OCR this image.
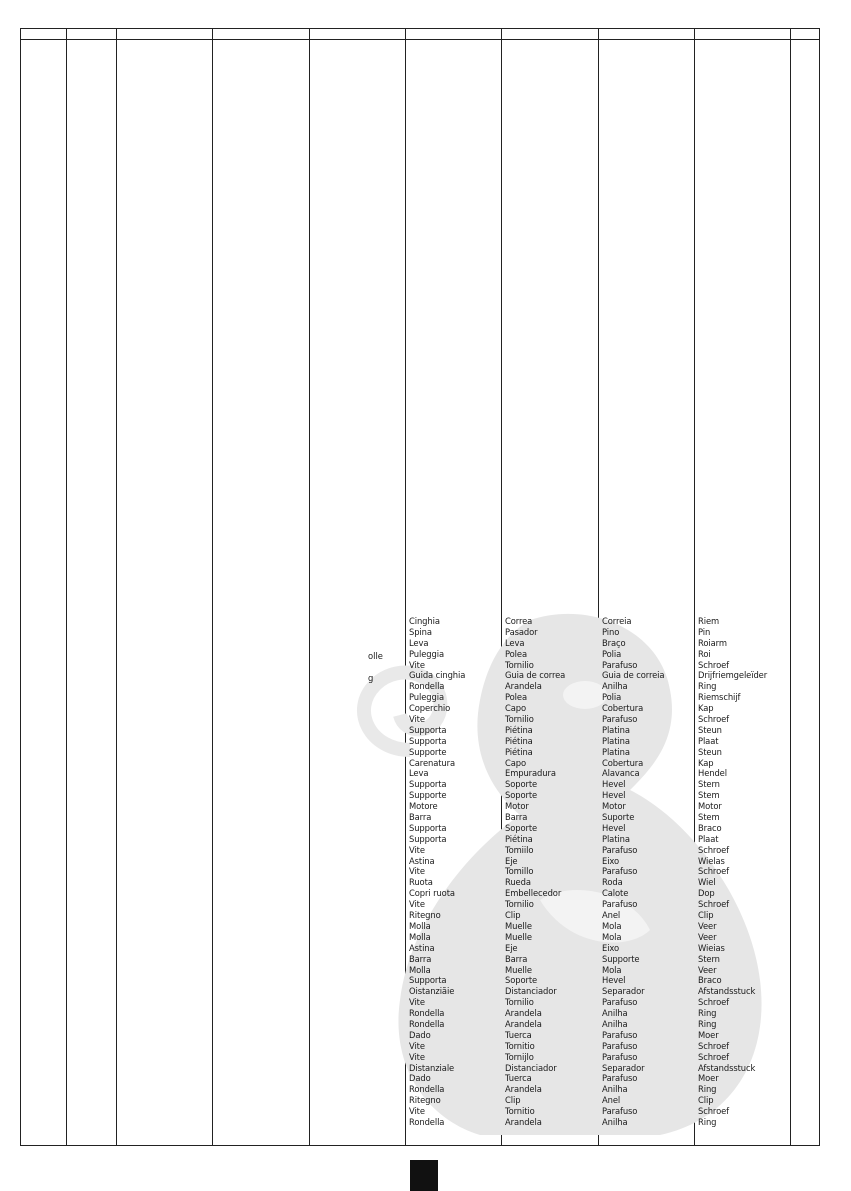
olle
g
Cinghia
Spina
Leva
Puleggia
Vite
Guida cinghia
Rondella
Puleggia
Coperchio
Vite
Supporta
Supporta
Supporte
Carenatura
Leva
Supporta
Supporte
Motore
Barra
Supporta
Supporta
Vite
Astina
Vite
Ruota
Copri ruota
Vite
Ritegno
Molla
Molla
Astina
Barra
Molla
Supporta
Oistanziãie
Vite
Rondella
Rondella
Dado
Vite
Vite
Distanziale
Dado
Rondella
Ritegno
Vite
Rondella
Correa
Pasador
Leva
Polea
Tornilio
Guia de correa
Arandela
Polea
Capo
Tornilio
Piétina
Piétina
Piétina
Capo
Empuradura
Soporte
Soporte
Motor
Barra
Soporte
Piétina
Tomiilo
Eje
Tomillo
Rueda
Embellecedor
Tornilio
Clip
Muelle
Muelle
Eje
Barra
Muelle
Soporte
Distanciador
Tornilio
Arandela
Arandela
Tuerca
Tornitio
Tornijlo
Distanciador
Tuerca
Arandela
Clip
Tornitio
Arandela
Correia
Pino
Braço
Polia
Parafuso
Guia de correia
Anilha
Polia
Cobertura
Parafuso
Platina
Platina
Platina
Cobertura
Alavanca
Hevel
Hevel
Motor
Suporte
Hevel
Platina
Parafuso
Eixo
Parafuso
Roda
Calote
Parafuso
Anel
Mola
Mola
Eixo
Supporte
Mola
Hevel
Separador
Parafuso
Anilha
Anilha
Parafuso
Parafuso
Parafuso
Separador
Parafuso
Anilha
Anel
Parafuso
Anilha
Riem
Pin
Roiarm
Roi
Schroef
Drijfriemgeleïder
Ring
Riemschijf
Kap
Schroef
Steun
Plaat
Steun
Kap
Hendel
Stern
Stem
Motor
Stem
Braco
Plaat
Schroef
Wielas
Schroef
Wiel
Dop
Schroef
Clip
Veer
Veer
Wieias
Stern
Veer
Braco
Afstandsstuck
Schroef
Ring
Ring
Moer
Schroef
Schroef
Afstandsstuck
Moer
Ring
Clip
Schroef
Ring
